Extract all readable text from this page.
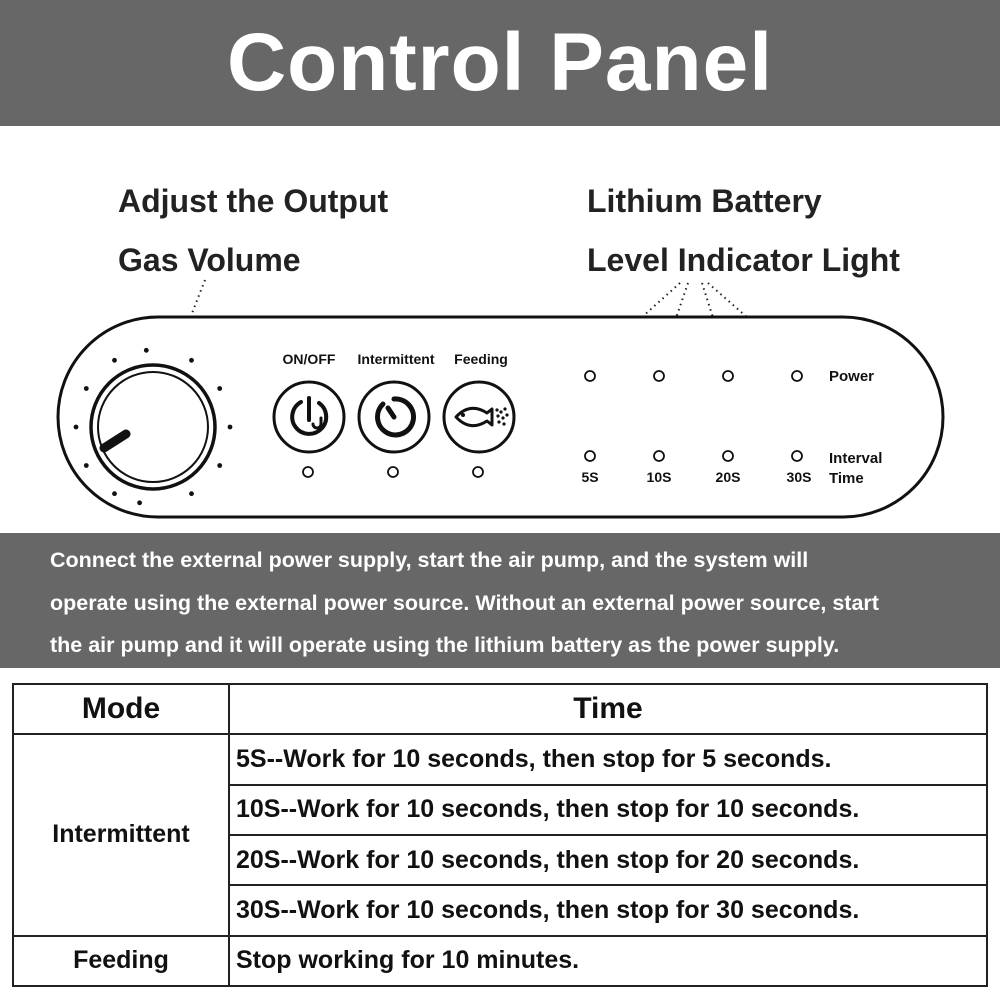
Control Panel
Adjust the Output
Gas Volume
Lithium Battery
Level Indicator Light
ON/OFF Intermittent Feeding
Power
5S	10S	20S	30S
Interval
Time
Connect the external power supply, start the air pump, and the system will
operate using the external power source. Without an external power source, start
the air pump and it will operate using the lithium battery as the power supply.
Mode	Time
Intermittent	5S--Work for 10 seconds, then stop for 5 seconds.
	10S--Work for 10 seconds, then stop for 10 seconds.
	20S--Work for 10 seconds, then stop for 20 seconds.
	30S--Work for 10 seconds, then stop for 30 seconds.
Feeding	Stop working for 10 minutes.
